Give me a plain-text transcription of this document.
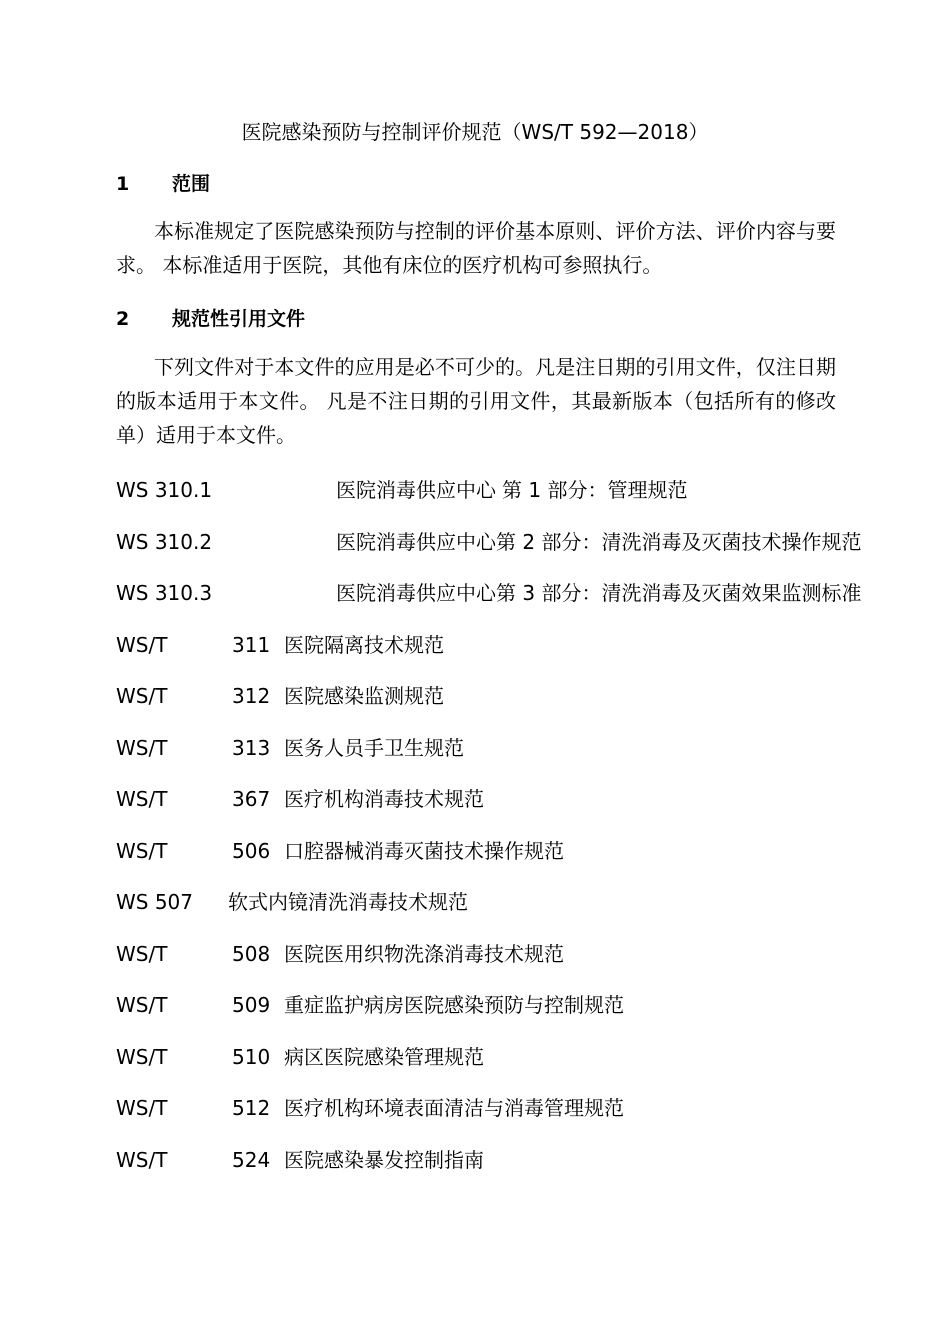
医院感染预防与控制评价规范（WS/T 592—2018）
1 范围
本标准规定了医院感染预防与控制的评价基本原则、评价方法、评价内容与要求。 本标准适用于医院，其他有床位的医疗机构可参照执行。
2 规范性引用文件
下列文件对于本文件的应用是必不可少的。凡是注日期的引用文件，仅注日期的版本适用于本文件。 凡是不注日期的引用文件，其最新版本（包括所有的修改单）适用于本文件。
WS 310.1	医院消毒供应中心 第 1 部分：管理规范
WS 310.2	医院消毒供应中心第 2 部分：清洗消毒及灭菌技术操作规范
WS 310.3	医院消毒供应中心第 3 部分：清洗消毒及灭菌效果监测标准
WS/T	311 医院隔离技术规范
WS/T	312 医院感染监测规范
WS/T	313 医务人员手卫生规范
WS/T	367 医疗机构消毒技术规范
WS/T	506 口腔器械消毒灭菌技术操作规范
WS 507 软式内镜清洗消毒技术规范
WS/T	508 医院医用织物洗涤消毒技术规范
WS/T	509 重症监护病房医院感染预防与控制规范
WS/T	510 病区医院感染管理规范
WS/T	512 医疗机构环境表面清洁与消毒管理规范
WS/T	524 医院感染暴发控制指南
